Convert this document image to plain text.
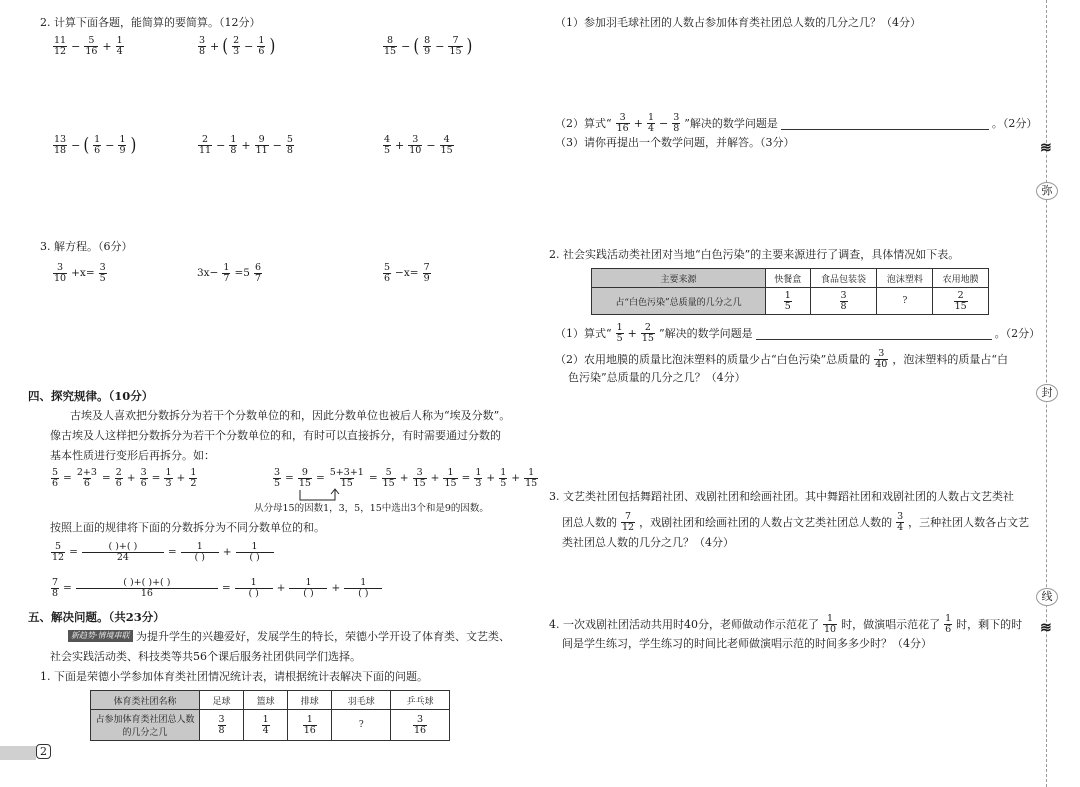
2. 计算下面各题，能简算的要简算。（12分）
$\frac{11}{12} - \frac{5}{16} + \frac{1}{4}$	$\frac{3}{8}$ + ( $\frac{2}{3} - \frac{1}{6}$ )	$\frac{8}{15}$ − ( $\frac{8}{9} - \frac{7}{15}$ )
$\frac{13}{18}$ − ( $\frac{1}{6} - \frac{1}{9}$ )	$\frac{2}{11} - \frac{1}{8} + \frac{9}{11} - \frac{5}{8}$	$\frac{4}{5} + \frac{3}{10} - \frac{4}{15}$
3. 解方程。（6分）
$\frac{3}{10} +x= \frac{3}{5}$	$3x- \frac{1}{7} =5 \frac{6}{7}$	$\frac{5}{6} -x= \frac{7}{9}$
四、探究规律。（10分）
古埃及人喜欢把分数拆分为若干个分数单位的和，因此分数单位也被后人称为“埃及分数”。
像古埃及人这样把分数拆分为若干个分数单位的和，有时可以直接拆分，有时需要通过分数的
基本性质进行变形后再拆分。如：
$\frac{5}{6} = \frac{2+3}{6} = \frac{2}{6} + \frac{3}{6} = \frac{1}{3} + \frac{1}{2}$	$\frac{3}{5} = \frac{9}{15} = \frac{5+3+1}{15} = \frac{5}{15} + \frac{3}{15} + \frac{1}{15} = \frac{1}{3} + \frac{1}{5} + \frac{1}{15}$
从分母15的因数1，3，5，15中选出3个和是9的因数。
按照上面的规律将下面的分数拆分为不同分数单位的和。
$\frac{5}{12} = \frac{( )+( )}{24} = \frac{1}{( )} + \frac{1}{( )}$
$\frac{7}{8} = \frac{( )+( )+( )}{16} = \frac{1}{( )} + \frac{1}{( )} + \frac{1}{( )}$
五、解决问题。（共23分）
新趋势·情境串联 为提升学生的兴趣爱好，发展学生的特长，荣德小学开设了体育类、文艺类、
社会实践活动类、科技类等共56个课后服务社团供同学们选择。
1. 下面是荣德小学参加体育类社团情况统计表，请根据统计表解决下面的问题。
体育类社团名称	足球	篮球	排球	羽毛球	乒乓球
占参加体育类社团总人数的几分之几	$\frac{3}{8}$	$\frac{1}{4}$	$\frac{1}{16}$	?	$\frac{3}{16}$
2
（1）参加羽毛球社团的人数占参加体育类社团总人数的几分之几？（4分）
（2）算式“ $\frac{3}{16} + \frac{1}{4} - \frac{3}{8}$ ”解决的数学问题是	。（2分）
（3）请你再提出一个数学问题，并解答。（3分）
2. 社会实践活动类社团对当地“白色污染”的主要来源进行了调查，具体情况如下表。
主要来源	快餐盒	食品包装袋	泡沫塑料	农用地膜
占“白色污染”总质量的几分之几	$\frac{1}{5}$	$\frac{3}{8}$	?	$\frac{2}{15}$
（1）算式“ $\frac{1}{5} + \frac{2}{15}$ ”解决的数学问题是	。（2分）
（2）农用地膜的质量比泡沫塑料的质量少占“白色污染”总质量的 $\frac{3}{40}$ ，泡沫塑料的质量占“白
色污染”总质量的几分之几？（4分）
3. 文艺类社团包括舞蹈社团、戏剧社团和绘画社团。其中舞蹈社团和戏剧社团的人数占文艺类社
团总人数的 $\frac{7}{12}$ ，戏剧社团和绘画社团的人数占文艺类社团总人数的 $\frac{3}{4}$ ，三种社团人数各占文艺
类社团总人数的几分之几？（4分）
4. 一次戏剧社团活动共用时40分，老师做动作示范花了 $\frac{1}{10}$ 时，做演唱示范花了 $\frac{1}{6}$ 时，剩下的时
间是学生练习，学生练习的时间比老师做演唱示范的时间多多少时？（4分）
≋
弥
封
线
≋
